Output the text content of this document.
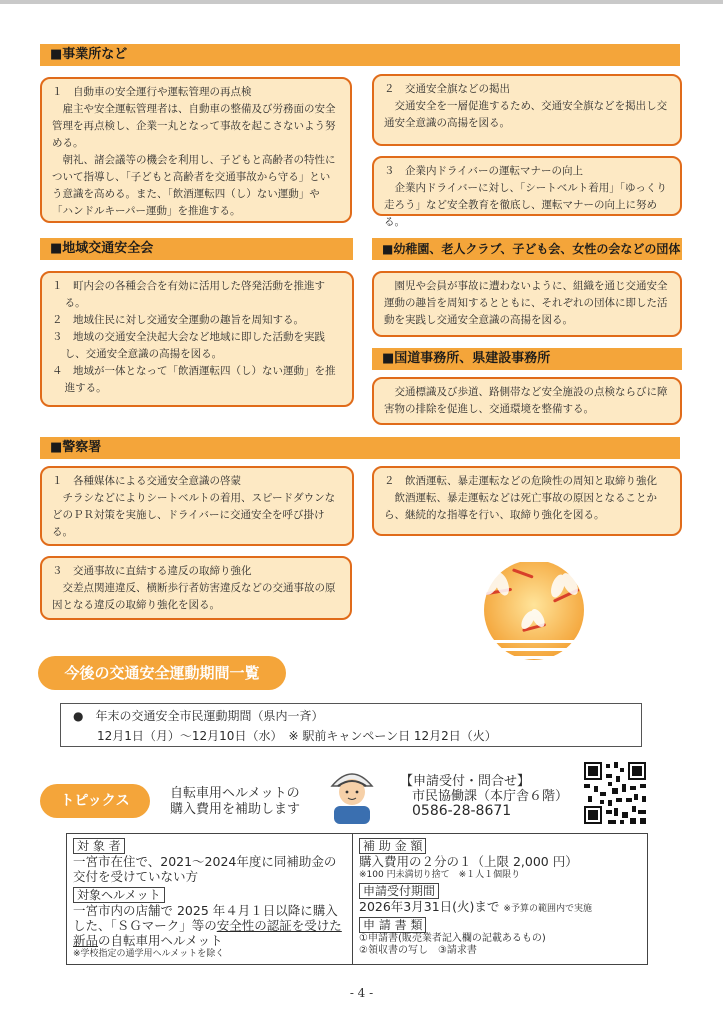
■事業所など

１　自動車の安全運行や運転管理の再点検

雇主や安全運転管理者は、自動車の整備及び労務面の安全管理を再点検し、企業一丸となって事故を起こさないよう努める。

朝礼、諸会議等の機会を利用し、子どもと高齢者の特性について指導し、「子どもと高齢者を交通事故から守る」という意識を高める。また、「飲酒運転四（し）ない運動」や「ハンドルキーパー運動」を推進する。

２　交通安全旗などの掲出

交通安全を一層促進するため、交通安全旗などを掲出し交通安全意識の高揚を図る。

３　企業内ドライバーの運転マナーの向上

企業内ドライバーに対し、「シートベルト着用」「ゆっくり走ろう」など安全教育を徹底し、運転マナーの向上に努める。

■地域交通安全会

１　町内会の各種会合を有効に活用した啓発活動を推進する。

２　地域住民に対し交通安全運動の趣旨を周知する。

３　地域の交通安全決起大会など地域に即した活動を実践し、交通安全意識の高揚を図る。

４　地域が一体となって「飲酒運転四（し）ない運動」を推進する。

■幼稚園、老人クラブ、子ども会、女性の会などの団体

園児や会員が事故に遭わないように、組織を通じ交通安全運動の趣旨を周知するとともに、それぞれの団体に即した活動を実践し交通安全意識の高揚を図る。

■国道事務所、県建設事務所

交通標識及び歩道、路側帯など安全施設の点検ならびに障害物の排除を促進し、交通環境を整備する。

■警察署

１　各種媒体による交通安全意識の啓蒙

チラシなどによりシートベルトの着用、スピードダウンなどのＰＲ対策を実施し、ドライバーに交通安全を呼び掛ける。

２　飲酒運転、暴走運転などの危険性の周知と取締り強化

飲酒運転、暴走運転などは死亡事故の原因となることから、継続的な指導を行い、取締り強化を図る。

３　交通事故に直結する違反の取締り強化

交差点関連違反、横断歩行者妨害違反などの交通事故の原因となる違反の取締り強化を図る。

今後の交通安全運動期間一覧
●　年末の交通安全市民運動期間（県内一斉）
12月1日（月）～12月10日（水）　※ 駅前キャンペーン日 12月2日（火）
トピックス	自転車用ヘルメットの
購入費用を補助します
【申請受付・問合せ】
市民協働課（本庁舎６階）
0586-28-8671
対 象 者
一宮市在住で、2021～2024年度に同補助金の交付を受けていない方
対象ヘルメット
一宮市内の店舗で 2025 年４月１日以降に購入した、「ＳＧマーク」等の安全性の認証を受けた新品の自転車用ヘルメット
※学校指定の通学用ヘルメットを除く
補 助 金 額
購入費用の２分の１（上限 2,000 円）
※100 円未満切り捨て　※１人１個限り
申請受付期間
2026年3月31日(火)まで ※予算の範囲内で実施
申 請 書 類
①申請書(販売業者記入欄の記載あるもの)
②領収書の写し　③請求書
- 4 -
